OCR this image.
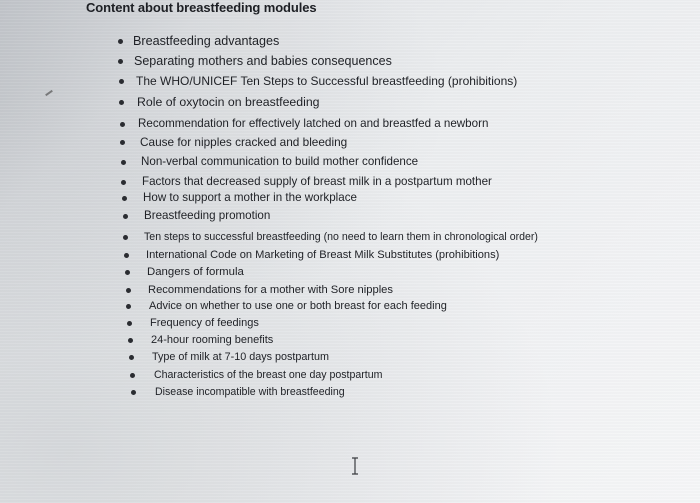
Content about breastfeeding modules
Breastfeeding advantages
Separating mothers and babies consequences
The WHO/UNICEF Ten Steps to Successful breastfeeding (prohibitions)
Role of oxytocin on breastfeeding
Recommendation for effectively latched on and breastfed a newborn
Cause for nipples cracked and bleeding
Non-verbal communication to build mother confidence
Factors that decreased supply of breast milk in a postpartum mother
How to support a mother in the workplace
Breastfeeding promotion
Ten steps to successful breastfeeding (no need to learn them in chronological order)
International Code on Marketing of Breast Milk Substitutes (prohibitions)
Dangers of formula
Recommendations for a mother with Sore nipples
Advice on whether to use one or both breast for each feeding
Frequency of feedings
24-hour rooming benefits
Type of milk at 7-10 days postpartum
Characteristics of the breast one day postpartum
Disease incompatible with breastfeeding
